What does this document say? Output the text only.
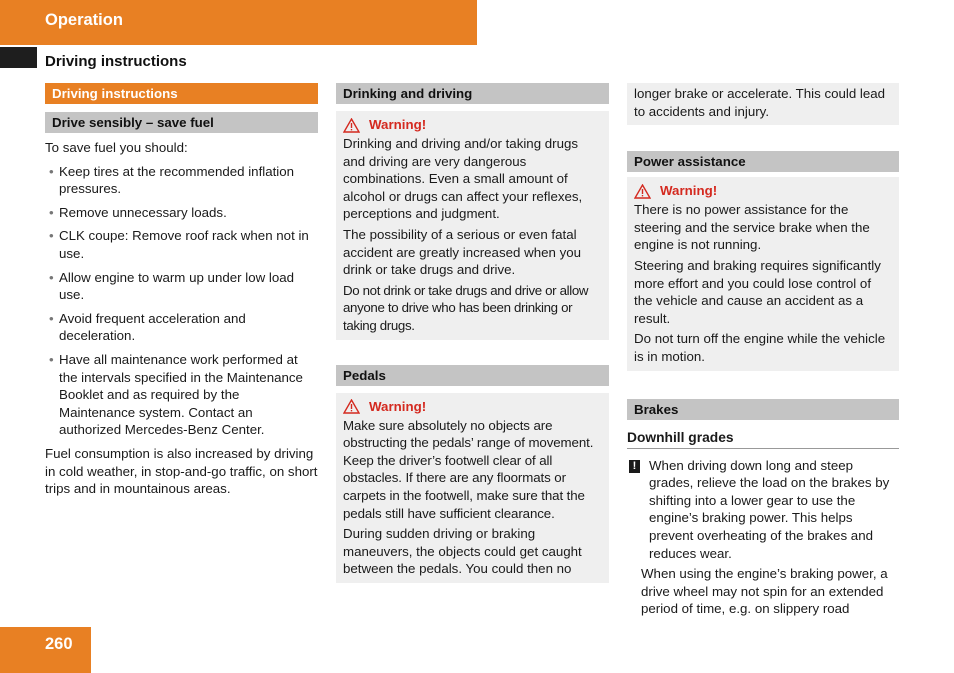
Operation
Driving instructions
Driving instructions
Drive sensibly – save fuel

To save fuel you should:

• Keep tires at the recommended inflation pressures.
• Remove unnecessary loads.
• CLK coupe: Remove roof rack when not in use.
• Allow engine to warm up under low load use.
• Avoid frequent acceleration and deceleration.
• Have all maintenance work performed at the intervals specified in the Maintenance Booklet and as required by the Maintenance system. Contact an authorized Mercedes-Benz Center.

Fuel consumption is also increased by driving in cold weather, in stop-and-go traffic, on short trips and in mountainous areas.

Drinking and driving
Warning!

Drinking and driving and/or taking drugs and driving are very dangerous combinations. Even a small amount of alcohol or drugs can affect your reflexes, perceptions and judgment.

The possibility of a serious or even fatal accident are greatly increased when you drink or take drugs and drive.

Do not drink or take drugs and drive or allow anyone to drive who has been drinking or taking drugs.

Pedals
Warning!

Make sure absolutely no objects are obstructing the pedals’ range of movement. Keep the driver’s footwell clear of all obstacles. If there are any floormats or carpets in the footwell, make sure that the pedals still have sufficient clearance.

During sudden driving or braking maneuvers, the objects could get caught between the pedals. You could then no

longer brake or accelerate. This could lead to accidents and injury.

Power assistance
Warning!

There is no power assistance for the steering and the service brake when the engine is not running.

Steering and braking requires significantly more effort and you could lose control of the vehicle and cause an accident as a result.

Do not turn off the engine while the vehicle is in motion.

Brakes
Downhill grades
! When driving down long and steep grades, relieve the load on the brakes by shifting into a lower gear to use the engine’s braking power. This helps prevent overheating of the brakes and reduces wear.

When using the engine’s braking power, a drive wheel may not spin for an extended period of time, e.g. on slippery road

260
